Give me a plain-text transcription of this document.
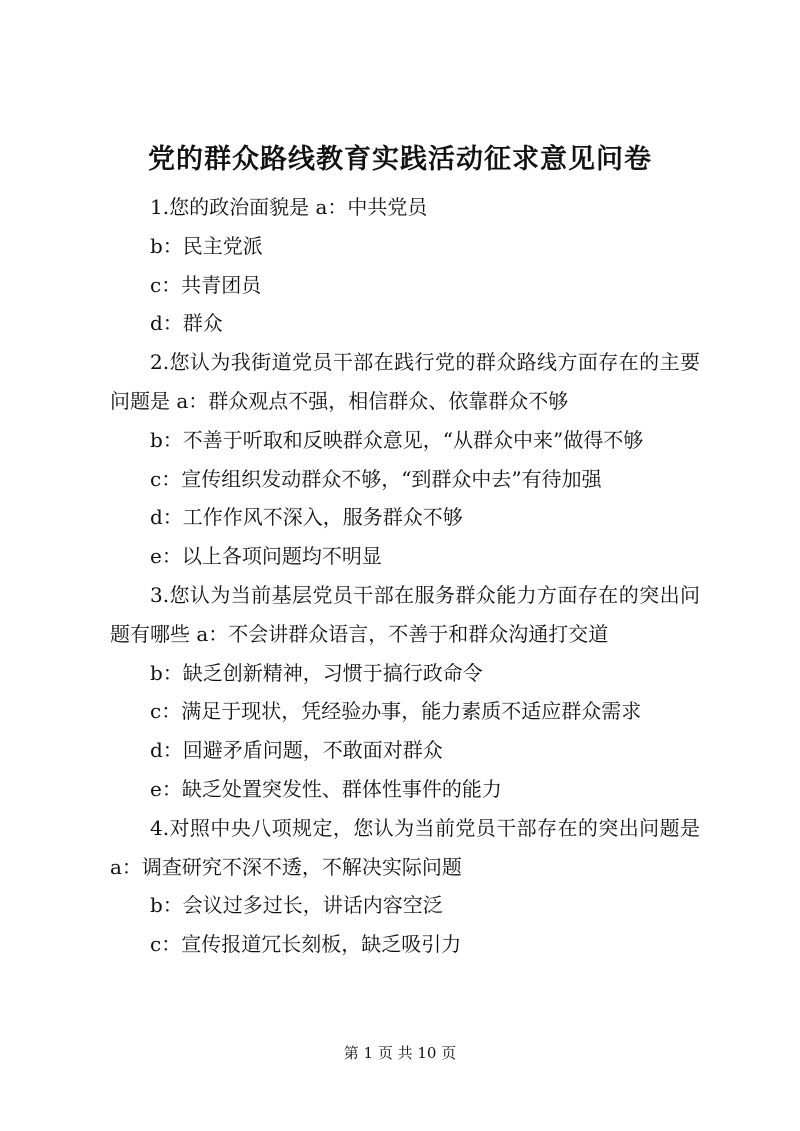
党的群众路线教育实践活动征求意见问卷

1.您的政治面貌是 a：中共党员

b：民主党派

c：共青团员

d：群众

2.您认为我街道党员干部在践行党的群众路线方面存在的主要问题是 a：群众观点不强，相信群众、依靠群众不够

b：不善于听取和反映群众意见，“从群众中来”做得不够

c：宣传组织发动群众不够，“到群众中去”有待加强

d：工作作风不深入，服务群众不够

e：以上各项问题均不明显

3.您认为当前基层党员干部在服务群众能力方面存在的突出问题有哪些 a：不会讲群众语言，不善于和群众沟通打交道

b：缺乏创新精神，习惯于搞行政命令

c：满足于现状，凭经验办事，能力素质不适应群众需求

d：回避矛盾问题，不敢面对群众

e：缺乏处置突发性、群体性事件的能力

4.对照中央八项规定，您认为当前党员干部存在的突出问题是 a：调查研究不深不透，不解决实际问题

b：会议过多过长，讲话内容空泛

c：宣传报道冗长刻板，缺乏吸引力

第 1 页 共 10 页
